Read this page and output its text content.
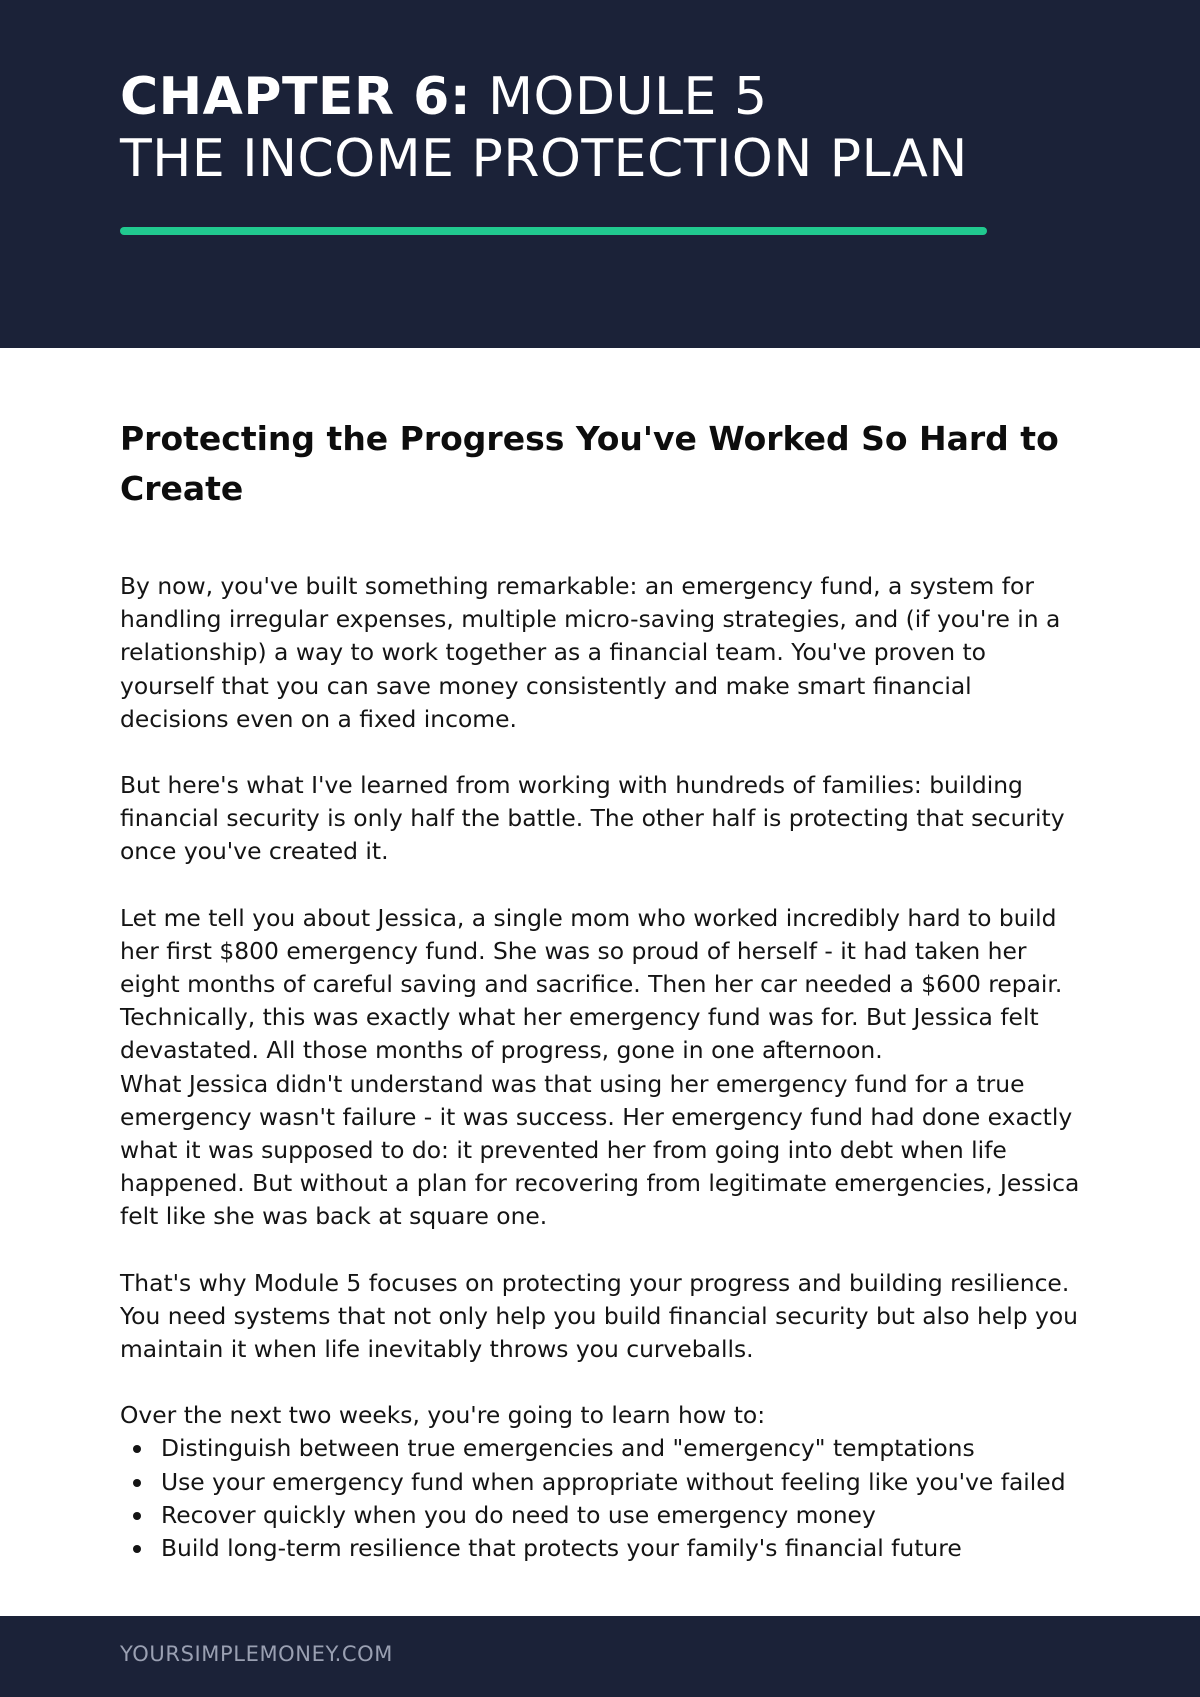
CHAPTER 6: MODULE 5
THE INCOME PROTECTION PLAN
Protecting the Progress You've Worked So Hard to Create

By now, you've built something remarkable: an emergency fund, a system for handling irregular expenses, multiple micro-saving strategies, and (if you're in a relationship) a way to work together as a financial team. You've proven to yourself that you can save money consistently and make smart financial decisions even on a fixed income.

But here's what I've learned from working with hundreds of families: building financial security is only half the battle. The other half is protecting that security once you've created it.

Let me tell you about Jessica, a single mom who worked incredibly hard to build her first $800 emergency fund. She was so proud of herself - it had taken her eight months of careful saving and sacrifice. Then her car needed a $600 repair. Technically, this was exactly what her emergency fund was for. But Jessica felt devastated. All those months of progress, gone in one afternoon.
What Jessica didn't understand was that using her emergency fund for a true emergency wasn't failure - it was success. Her emergency fund had done exactly what it was supposed to do: it prevented her from going into debt when life happened. But without a plan for recovering from legitimate emergencies, Jessica felt like she was back at square one.

That's why Module 5 focuses on protecting your progress and building resilience. You need systems that not only help you build financial security but also help you maintain it when life inevitably throws you curveballs.

Over the next two weeks, you're going to learn how to:

Distinguish between true emergencies and "emergency" temptations
Use your emergency fund when appropriate without feeling like you've failed
Recover quickly when you do need to use emergency money
Build long-term resilience that protects your family's financial future
YOURSIMPLEMONEY.COM
